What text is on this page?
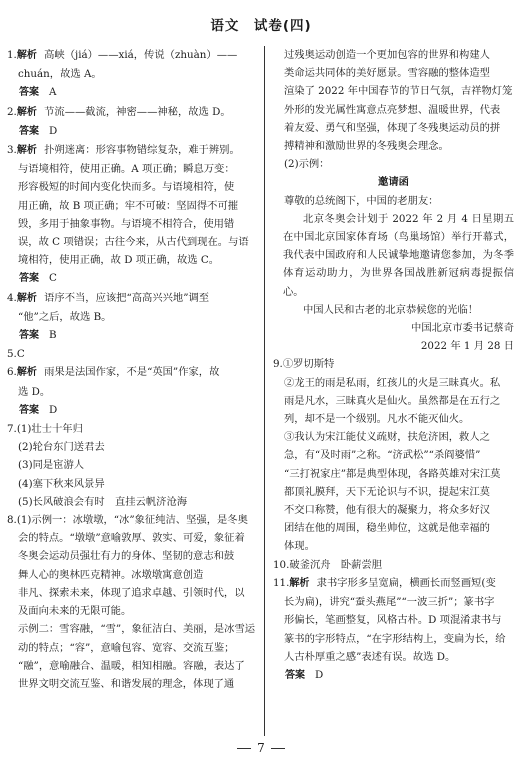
语文　试卷(四)

1.解析 高峡（jiá）——xiá，传说（zhuàn）——

chuán，故选 A。

答案 A

2.解析 节流——截流，神密——神秘，故选 D。

答案 D

3.解析 扑朔迷离：形容事物错综复杂，难于辨别。

与语境相符，使用正确。A 项正确；瞬息万变：

形容极短的时间内变化快而多。与语境相符，使

用正确，故 B 项正确；牢不可破：坚固得不可摧

毁，多用于抽象事物。与语境不相符合，使用错

误，故 C 项错误；古往今来，从古代到现在。与语

境相符，使用正确，故 D 项正确，故选 C。

答案 C

4.解析 语序不当，应该把“高高兴兴地”调至

“他”之后，故选 B。

答案 B

5.C

6.解析 雨果是法国作家，不是“英国”作家，故

选 D。

答案 D

7.(1)壮士十年归

(2)轮台东门送君去

(3)同是宦游人

(4)塞下秋来风景异

(5)长风破浪会有时　直挂云帆济沧海

8.(1)示例一：冰墩墩，“冰”象征纯洁、坚强，是冬奥

会的特点。“墩墩”意喻敦厚、敦实、可爱，象征着

冬奥会运动员强壮有力的身体、坚韧的意志和鼓

舞人心的奥林匹克精神。冰墩墩寓意创造

非凡、探索未来，体现了追求卓越、引领时代，以

及面向未来的无限可能。

示例二：雪容融，“雪”，象征洁白、美丽，是冰雪运

动的特点；“容”，意喻包容、宽容、交流互鉴；

“融”，意喻融合、温暖，相知相融。容融，表达了

世界文明交流互鉴、和谐发展的理念，体现了通

过残奥运动创造一个更加包容的世界和构建人

类命运共同体的美好愿景。雪容融的整体造型

渲染了 2022 年中国春节的节日气氛，吉祥物灯笼

外形的发光属性寓意点亮梦想、温暖世界，代表

着友爱、勇气和坚强，体现了冬残奥运动员的拼

搏精神和激励世界的冬残奥会理念。

(2)示例：

邀请函

尊敬的总统阁下，中国的老朋友：

北京冬奥会计划于 2022 年 2 月 4 日星期五在中国北京国家体育场（鸟巢场馆）举行开幕式，我代表中国政府和人民诚挚地邀请您参加，为冬季体育运动助力，为世界各国战胜新冠病毒提振信心。

中国人民和古老的北京恭候您的光临！

中国北京市委书记蔡奇

2022 年 1 月 28 日

9.①罗切斯特

②龙王的雨是私雨，红孩儿的火是三昧真火。私

雨是凡水，三昧真火是仙火。虽然都是在五行之

列，却不是一个级别。凡水不能灭仙火。

③我认为宋江能仗义疏财，扶危济困，救人之

急，有“及时雨”之称。“济武松”“杀阎婆惜”

“三打祝家庄”都是典型体现，各路英雄对宋江莫

都顶礼膜拜，天下无论识与不识，提起宋江莫

不交口称赞，他有很大的凝聚力，将众多好汉

团结在他的周围，稳坐帅位，这就是他幸福的

体现。

10.破釜沉舟　卧薪尝胆

11.解析 隶书字形多呈宽扁，横画长而竖画短(变

长为扁)，讲究“蚕头燕尾”“一波三折”；篆书字

形偏长，笔画整复，风格古朴。D 项混淆隶书与

篆书的字形特点，“在字形结构上，变扁为长，给

人古朴厚重之感”表述有误。故选 D。

答案 D

7
